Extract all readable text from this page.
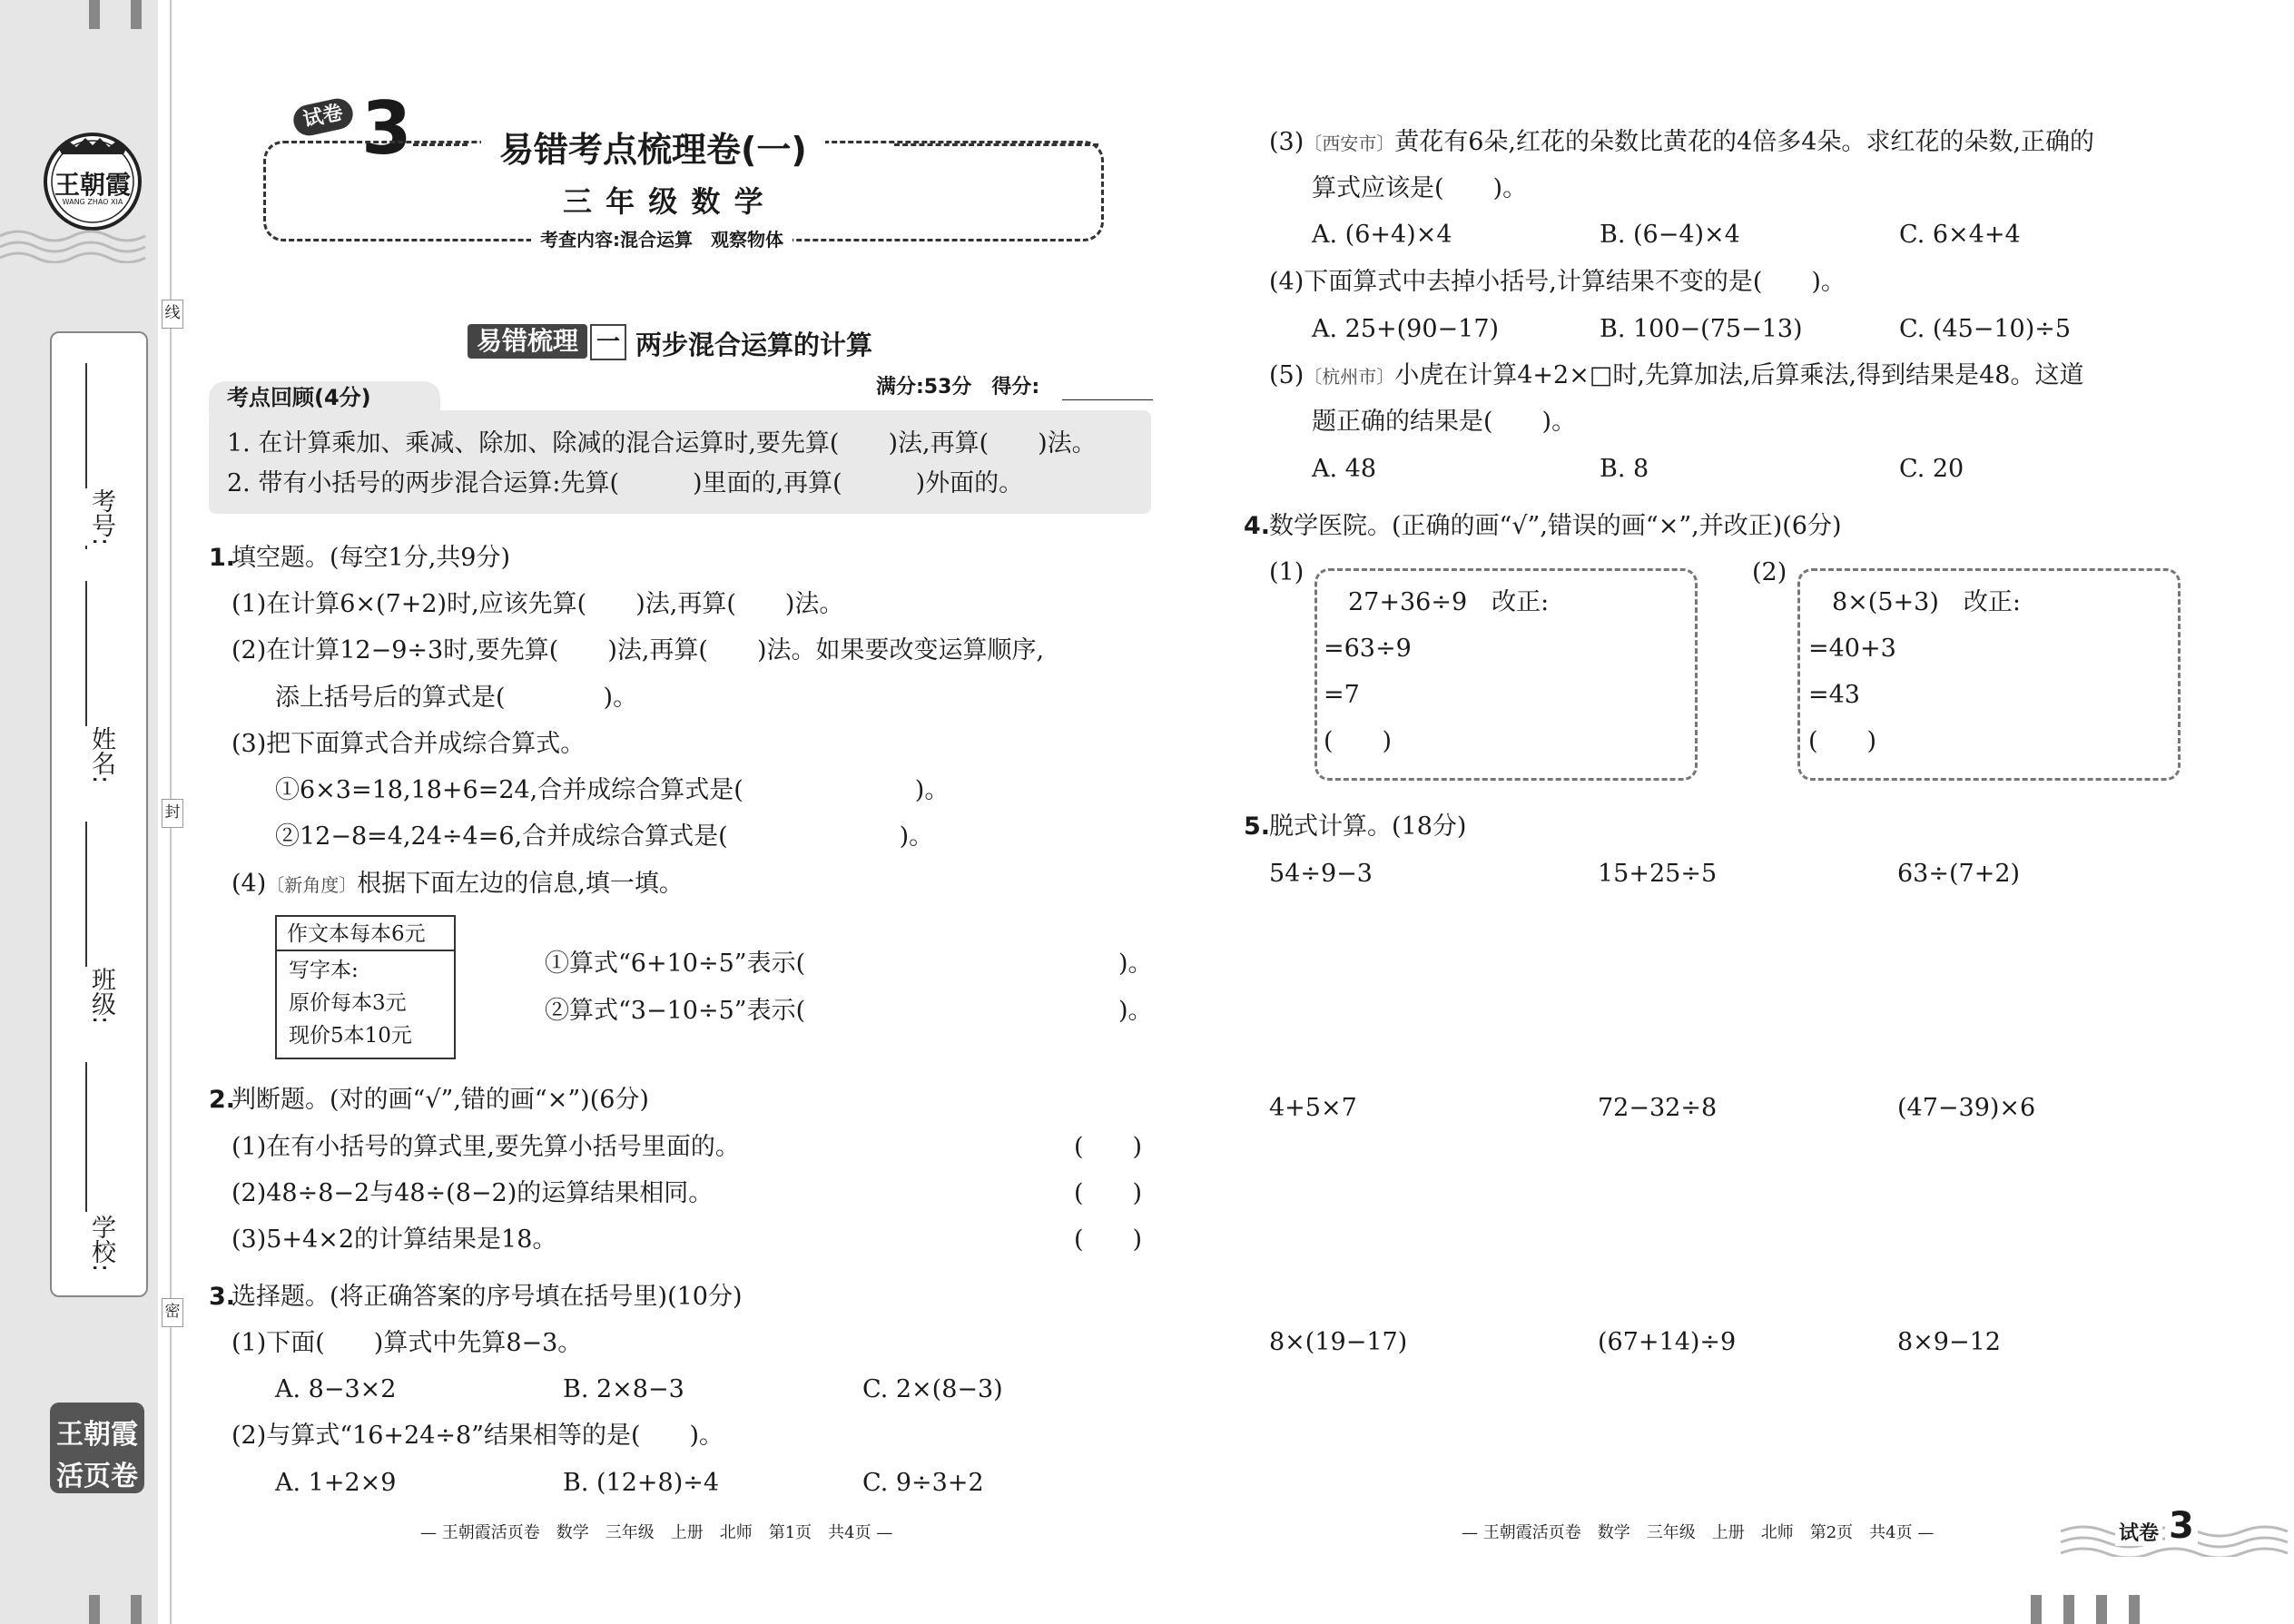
王朝霞
WANG ZHAO XIA
考号:
姓名:
班级:
学校:
线
封
密
王朝霞
活页卷
试卷 3	易错考点梳理卷(一)
三 年 级 数 学
考查内容:混合运算　观察物体
易错梳理 一 两步混合运算的计算
考点回顾(4分)	满分:53分　得分:
1. 在计算乘加、乘减、除加、除减的混合运算时,要先算(　　)法,再算(　　)法。
2. 带有小括号的两步混合运算:先算(　　　)里面的,再算(　　　)外面的。
1.
填空题。(每空1分,共9分)
(1)在计算6×(7+2)时,应该先算(　　)法,再算(　　)法。
(2)在计算12−9÷3时,要先算(　　)法,再算(　　)法。如果要改变运算顺序,
添上括号后的算式是(　　　　)。
(3)把下面算式合并成综合算式。
①6×3=18,18+6=24,合并成综合算式是(　　　　　　　)。
②12−8=4,24÷4=6,合并成综合算式是(　　　　　　　)。
(4)〔新角度〕根据下面左边的信息,填一填。
作文本每本6元
写字本:
原价每本3元
现价5本10元
①算式“6+10÷5”表示(	)。
②算式“3−10÷5”表示(	)。
2.
判断题。(对的画“√”,错的画“×”)(6分)
(1)在有小括号的算式里,要先算小括号里面的。	(　　)
(2)48÷8−2与48÷(8−2)的运算结果相同。	(　　)
(3)5+4×2的计算结果是18。	(　　)
3.
选择题。(将正确答案的序号填在括号里)(10分)
(1)下面(　　)算式中先算8−3。
A. 8−3×2	B. 2×8−3	C. 2×(8−3)
(2)与算式“16+24÷8”结果相等的是(　　)。
A. 1+2×9	B. (12+8)÷4	C. 9÷3+2
— 王朝霞活页卷　数学　三年级　上册　北师　第1页　共4页 —
(3)〔西安市〕黄花有6朵,红花的朵数比黄花的4倍多4朵。求红花的朵数,正确的
算式应该是(　　)。
A. (6+4)×4	B. (6−4)×4	C. 6×4+4
(4)下面算式中去掉小括号,计算结果不变的是(　　)。
A. 25+(90−17)	B. 100−(75−13)	C. (45−10)÷5
(5)〔杭州市〕小虎在计算4+2×□时,先算加法,后算乘法,得到结果是48。这道
题正确的结果是(　　)。
A. 48	B. 8	C. 20
4.
数学医院。(正确的画“√”,错误的画“×”,并改正)(6分)
(1)
27+36÷9　改正:
=63÷9
=7
(　　)
(2)
8×(5+3)　改正:
=40+3
=43
(　　)
5.
脱式计算。(18分)
54÷9−3	15+25÷5	63÷(7+2)
4+5×7	72−32÷8	(47−39)×6
8×(19−17)	(67+14)÷9	8×9−12
— 王朝霞活页卷　数学　三年级　上册　北师　第2页　共4页 —	试卷 3
